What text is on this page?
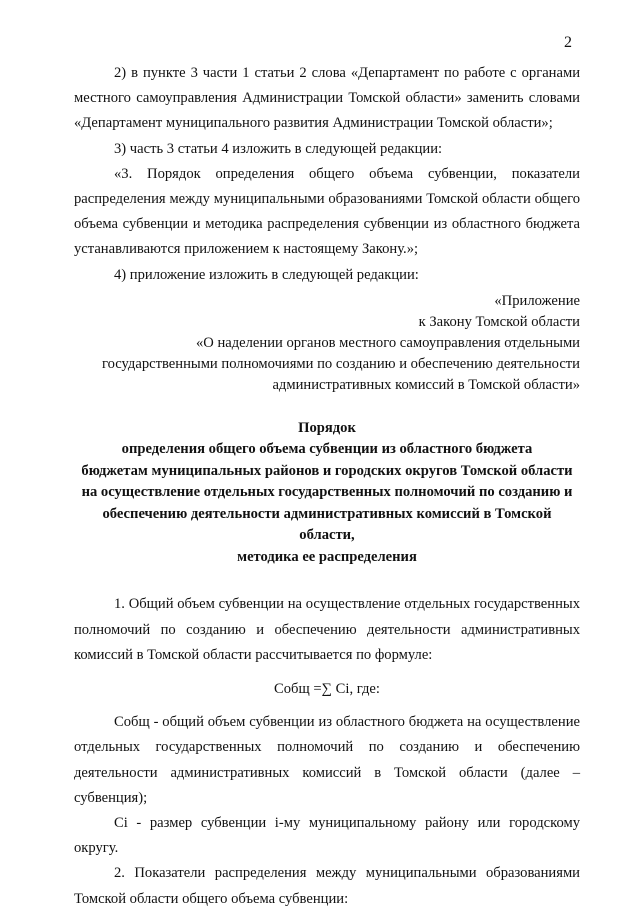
2

2) в пункте 3 части 1 статьи 2 слова «Департамент по работе с органами местного самоуправления Администрации Томской области» заменить словами «Департамент муниципального развития Администрации Томской области»;

3) часть 3 статьи 4 изложить в следующей редакции:

«3. Порядок определения общего объема субвенции, показатели распределения между муниципальными образованиями Томской области общего объема субвенции и методика распределения субвенции из областного бюджета устанавливаются приложением к настоящему Закону.»;

4) приложение изложить в следующей редакции:

«Приложение

к Закону Томской области

«О наделении органов местного самоуправления отдельными

государственными полномочиями по созданию и обеспечению деятельности

административных комиссий в Томской области»

Порядок

определения общего объема субвенции из областного бюджета

бюджетам муниципальных районов и городских округов Томской области

на осуществление отдельных государственных полномочий по созданию и

обеспечению деятельности административных комиссий в Томской области,

методика ее распределения

1. Общий объем субвенции на осуществление отдельных государственных полномочий по созданию и обеспечению деятельности административных комиссий в Томской области рассчитывается по формуле:

Cобщ =∑ Ci, где:

Cобщ - общий объем субвенции из областного бюджета на осуществление отдельных государственных полномочий по созданию и обеспечению деятельности административных комиссий в Томской области (далее – субвенция);

Ci - размер субвенции i-му муниципальному району или городскому округу.

2. Показатели распределения между муниципальными образованиями Томской области общего объема субвенции:
